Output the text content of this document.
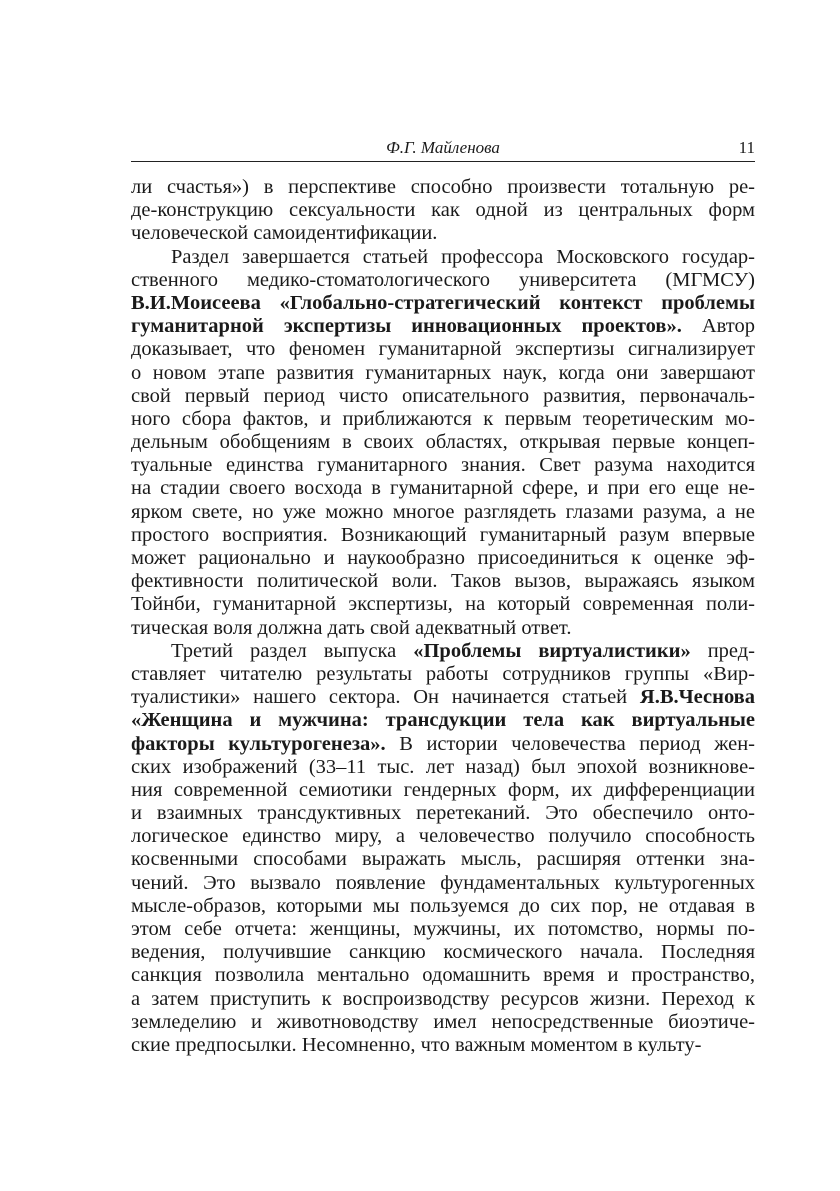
Ф.Г. Майленова	11
ли счастья») в перспективе способно произвести тотальную ре-
де-конструкцию сексуальности как одной из центральных форм
человеческой самоидентификации.
Раздел завершается статьей профессора Московского государ-
ственного медико-стоматологического университета (МГМСУ)
В.И.Моисеева «Глобально-стратегический контекст проблемы
гуманитарной экспертизы инновационных проектов». Автор
доказывает, что феномен гуманитарной экспертизы сигнализирует
о новом этапе развития гуманитарных наук, когда они завершают
свой первый период чисто описательного развития, первоначаль-
ного сбора фактов, и приближаются к первым теоретическим мо-
дельным обобщениям в своих областях, открывая первые концеп-
туальные единства гуманитарного знания. Свет разума находится
на стадии своего восхода в гуманитарной сфере, и при его еще не-
ярком свете, но уже можно многое разглядеть глазами разума, а не
простого восприятия. Возникающий гуманитарный разум впервые
может рационально и наукообразно присоединиться к оценке эф-
фективности политической воли. Таков вызов, выражаясь языком
Тойнби, гуманитарной экспертизы, на который современная поли-
тическая воля должна дать свой адекватный ответ.
Третий раздел выпуска «Проблемы виртуалистики» пред-
ставляет читателю результаты работы сотрудников группы «Вир-
туалистики» нашего сектора. Он начинается статьей Я.В.Чеснова
«Женщина и мужчина: трансдукции тела как виртуальные
факторы культурогенеза». В истории человечества период жен-
ских изображений (33–11 тыс. лет назад) был эпохой возникнове-
ния современной семиотики гендерных форм, их дифференциации
и взаимных трансдуктивных перетеканий. Это обеспечило онто-
логическое единство миру, а человечество получило способность
косвенными способами выражать мысль, расширяя оттенки зна-
чений. Это вызвало появление фундаментальных культурогенных
мысле-образов, которыми мы пользуемся до сих пор, не отдавая в
этом себе отчета: женщины, мужчины, их потомство, нормы по-
ведения, получившие санкцию космического начала. Последняя
санкция позволила ментально одомашнить время и пространство,
а затем приступить к воспроизводству ресурсов жизни. Переход к
земледелию и животноводству имел непосредственные биоэтиче-
ские предпосылки. Несомненно, что важным моментом в культу-
